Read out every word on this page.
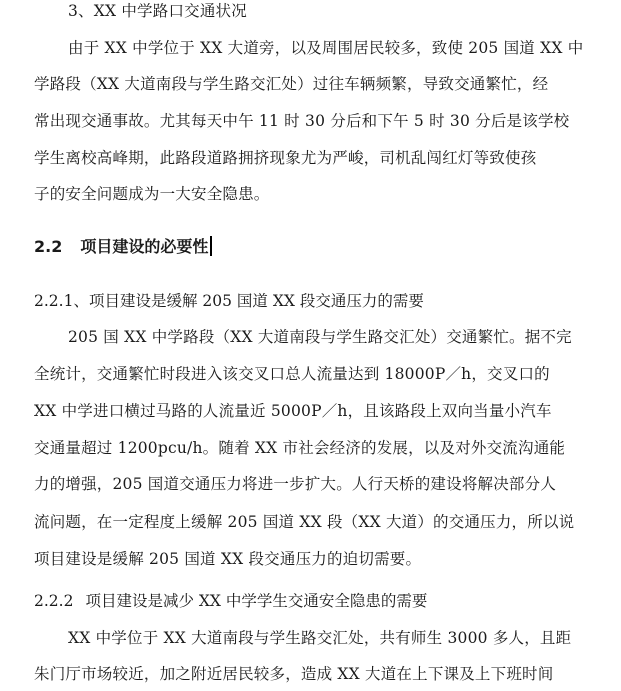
3、XX 中学路口交通状况
由于 XX 中学位于 XX 大道旁，以及周围居民较多，致使 205 国道 XX 中
学路段（XX 大道南段与学生路交汇处）过往车辆频繁，导致交通繁忙，经
常出现交通事故。尤其每天中午 11 时 30 分后和下午 5 时 30 分后是该学校
学生离校高峰期，此路段道路拥挤现象尤为严峻，司机乱闯红灯等致使孩
子的安全问题成为一大安全隐患。
2.2 项目建设的必要性
2.2.1、项目建设是缓解 205 国道 XX 段交通压力的需要
205 国 XX 中学路段（XX 大道南段与学生路交汇处）交通繁忙。据不完
全统计，交通繁忙时段进入该交叉口总人流量达到 18000P／h，交叉口的
XX 中学进口横过马路的人流量近 5000P／h，且该路段上双向当量小汽车
交通量超过 1200pcu/h。随着 XX 市社会经济的发展，以及对外交流沟通能
力的增强，205 国道交通压力将进一步扩大。人行天桥的建设将解决部分人
流问题，在一定程度上缓解 205 国道 XX 段（XX 大道）的交通压力，所以说
项目建设是缓解 205 国道 XX 段交通压力的迫切需要。
2.2.2 项目建设是减少 XX 中学学生交通安全隐患的需要
XX 中学位于 XX 大道南段与学生路交汇处，共有师生 3000 多人，且距
朱门厅市场较近，加之附近居民较多，造成 XX 大道在上下课及上下班时间
